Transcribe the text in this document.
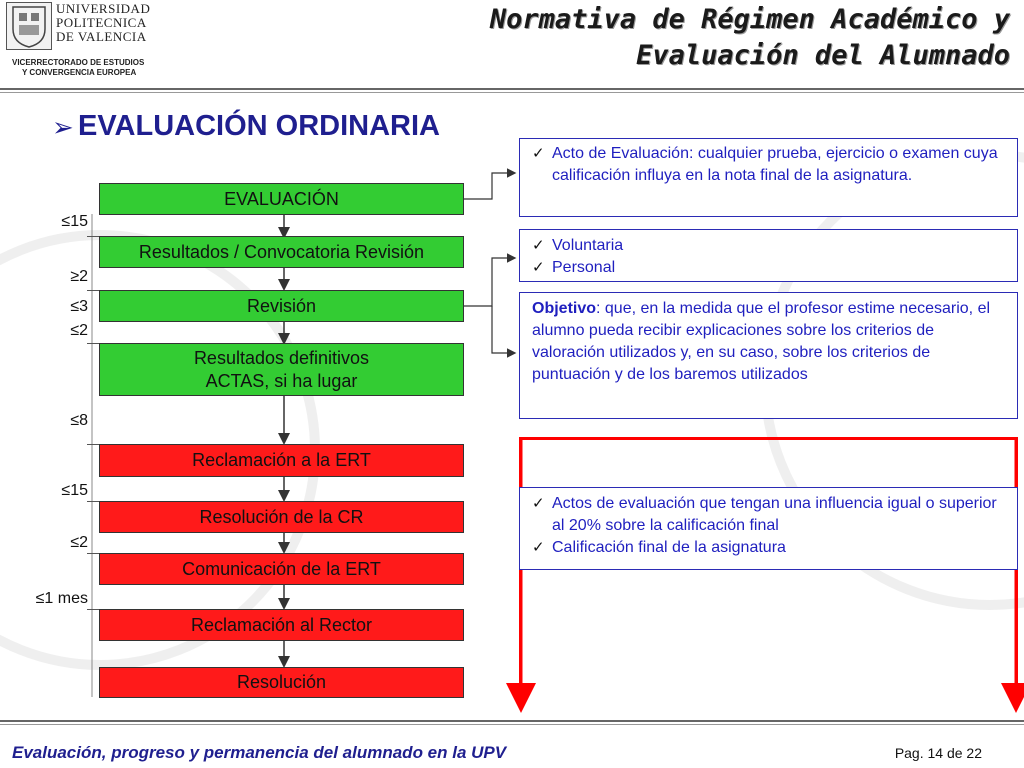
UNIVERSIDAD
POLITECNICA
DE VALENCIA
VICERRECTORADO DE ESTUDIOS
Y CONVERGENCIA EUROPEA
Normativa de Régimen Académico y
Evaluación del Alumnado
➢ EVALUACIÓN ORDINARIA
EVALUACIÓN
Resultados / Convocatoria Revisión
Revisión
Resultados definitivos
ACTAS, si ha lugar
Reclamación a la ERT
Resolución de la CR
Comunicación de la ERT
Reclamación al Rector
Resolución
≤15
≥2
≤3
≤2
≤8
≤15
≤2
≤1 mes
✓ Acto de Evaluación: cualquier prueba, ejercicio o examen cuya calificación influya en la nota final de la asignatura.
✓ Voluntaria
✓ Personal
Objetivo: que, en la medida que el profesor estime necesario, el alumno pueda recibir explicaciones sobre los criterios de valoración utilizados y, en su caso, sobre los criterios de puntuación y de los baremos utilizados
✓ Actos de evaluación que tengan una influencia igual o superior al 20% sobre la calificación final
✓ Calificación final de la asignatura
Evaluación, progreso y permanencia del alumnado en la UPV	Pag. 14 de 22
